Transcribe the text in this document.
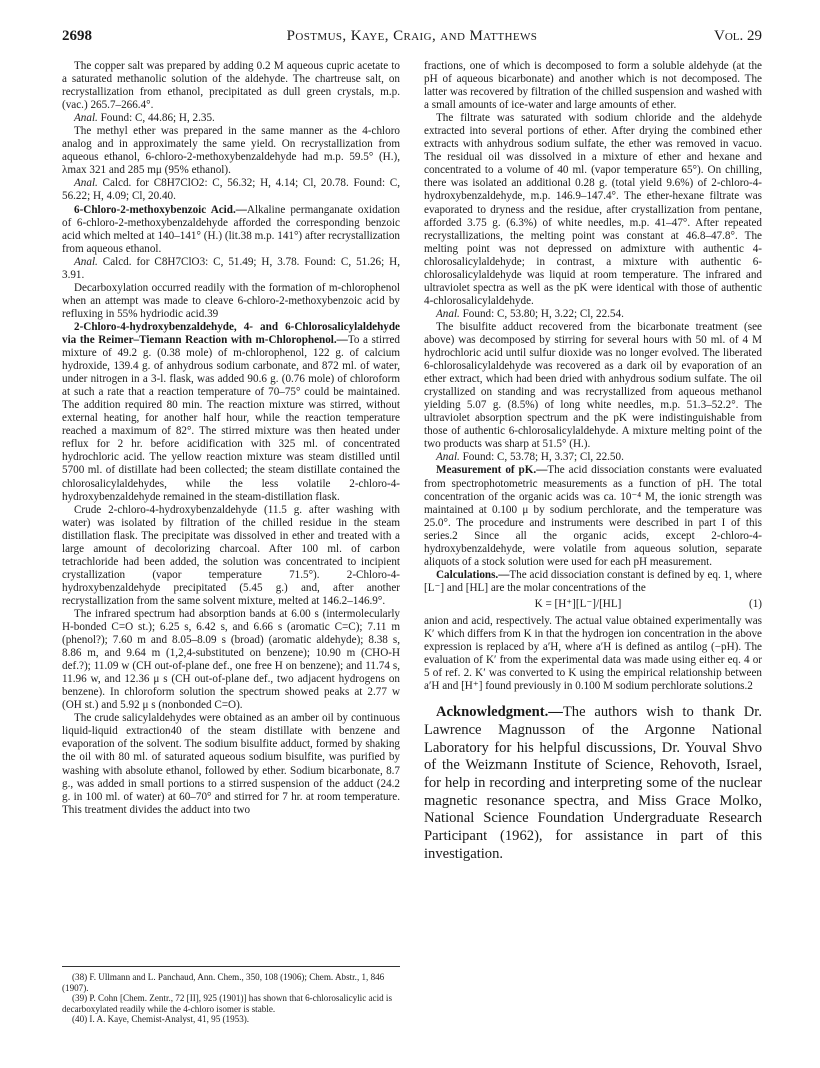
2698	Postmus, Kaye, Craig, and Matthews	Vol. 29

The copper salt was prepared by adding 0.2 M aqueous cupric acetate to a saturated methanolic solution of the aldehyde. The chartreuse salt, on recrystallization from ethanol, precipitated as dull green crystals, m.p. (vac.) 265.7–266.4°.

Anal. Found: C, 44.86; H, 2.35.

The methyl ether was prepared in the same manner as the 4-chloro analog and in approximately the same yield. On recrystallization from aqueous ethanol, 6-chloro-2-methoxybenzaldehyde had m.p. 59.5° (H.), λmax 321 and 285 mμ (95% ethanol).

Anal. Calcd. for C8H7ClO2: C, 56.32; H, 4.14; Cl, 20.78. Found: C, 56.22; H, 4.09; Cl, 20.40.

6-Chloro-2-methoxybenzoic Acid.—Alkaline permanganate oxidation of 6-chloro-2-methoxybenzaldehyde afforded the corresponding benzoic acid which melted at 140–141° (H.) (lit.38 m.p. 141°) after recrystallization from aqueous ethanol.

Anal. Calcd. for C8H7ClO3: C, 51.49; H, 3.78. Found: C, 51.26; H, 3.91.

Decarboxylation occurred readily with the formation of m-chlorophenol when an attempt was made to cleave 6-chloro-2-methoxybenzoic acid by refluxing in 55% hydriodic acid.39

2-Chloro-4-hydroxybenzaldehyde, 4- and 6-Chlorosalicylaldehyde via the Reimer–Tiemann Reaction with m-Chlorophenol.—To a stirred mixture of 49.2 g. (0.38 mole) of m-chlorophenol, 122 g. of calcium hydroxide, 139.4 g. of anhydrous sodium carbonate, and 872 ml. of water, under nitrogen in a 3-l. flask, was added 90.6 g. (0.76 mole) of chloroform at such a rate that a reaction temperature of 70–75° could be maintained. The addition required 80 min. The reaction mixture was stirred, without external heating, for another half hour, while the reaction temperature reached a maximum of 82°. The stirred mixture was then heated under reflux for 2 hr. before acidification with 325 ml. of concentrated hydrochloric acid. The yellow reaction mixture was steam distilled until 5700 ml. of distillate had been collected; the steam distillate contained the chlorosalicylaldehydes, while the less volatile 2-chloro-4-hydroxybenzaldehyde remained in the steam-distillation flask.

Crude 2-chloro-4-hydroxybenzaldehyde (11.5 g. after washing with water) was isolated by filtration of the chilled residue in the steam distillation flask. The precipitate was dissolved in ether and treated with a large amount of decolorizing charcoal. After 100 ml. of carbon tetrachloride had been added, the solution was concentrated to incipient crystallization (vapor temperature 71.5°). 2-Chloro-4-hydroxybenzaldehyde precipitated (5.45 g.) and, after another recrystallization from the same solvent mixture, melted at 146.2–146.9°.

The infrared spectrum had absorption bands at 6.00 s (intermolecularly H-bonded C=O st.); 6.25 s, 6.42 s, and 6.66 s (aromatic C=C); 7.11 m (phenol?); 7.60 m and 8.05–8.09 s (broad) (aromatic aldehyde); 8.38 s, 8.86 m, and 9.64 m (1,2,4-substituted on benzene); 10.90 m (CHO-H def.?); 11.09 w (CH out-of-plane def., one free H on benzene); and 11.74 s, 11.96 w, and 12.36 μ s (CH out-of-plane def., two adjacent hydrogens on benzene). In chloroform solution the spectrum showed peaks at 2.77 w (OH st.) and 5.92 μ s (nonbonded C=O).

The crude salicylaldehydes were obtained as an amber oil by continuous liquid-liquid extraction40 of the steam distillate with benzene and evaporation of the solvent. The sodium bisulfite adduct, formed by shaking the oil with 80 ml. of saturated aqueous sodium bisulfite, was purified by washing with absolute ethanol, followed by ether. Sodium bicarbonate, 8.7 g., was added in small portions to a stirred suspension of the adduct (24.2 g. in 100 ml. of water) at 60–70° and stirred for 7 hr. at room temperature. This treatment divides the adduct into two

(38) F. Ullmann and L. Panchaud, Ann. Chem., 350, 108 (1906); Chem. Abstr., 1, 846 (1907).

(39) P. Cohn [Chem. Zentr., 72 [II], 925 (1901)] has shown that 6-chlorosalicylic acid is decarboxylated readily while the 4-chloro isomer is stable.

(40) I. A. Kaye, Chemist-Analyst, 41, 95 (1953).

fractions, one of which is decomposed to form a soluble aldehyde (at the pH of aqueous bicarbonate) and another which is not decomposed. The latter was recovered by filtration of the chilled suspension and washed with a small amounts of ice-water and large amounts of ether.

The filtrate was saturated with sodium chloride and the aldehyde extracted into several portions of ether. After drying the combined ether extracts with anhydrous sodium sulfate, the ether was removed in vacuo. The residual oil was dissolved in a mixture of ether and hexane and concentrated to a volume of 40 ml. (vapor temperature 65°). On chilling, there was isolated an additional 0.28 g. (total yield 9.6%) of 2-chloro-4-hydroxybenzaldehyde, m.p. 146.9–147.4°. The ether-hexane filtrate was evaporated to dryness and the residue, after crystallization from pentane, afforded 3.75 g. (6.3%) of white needles, m.p. 41–47°. After repeated recrystallizations, the melting point was constant at 46.8–47.8°. The melting point was not depressed on admixture with authentic 4-chlorosalicylaldehyde; in contrast, a mixture with authentic 6-chlorosalicylaldehyde was liquid at room temperature. The infrared and ultraviolet spectra as well as the pK were identical with those of authentic 4-chlorosalicylaldehyde.

Anal. Found: C, 53.80; H, 3.22; Cl, 22.54.

The bisulfite adduct recovered from the bicarbonate treatment (see above) was decomposed by stirring for several hours with 50 ml. of 4 M hydrochloric acid until sulfur dioxide was no longer evolved. The liberated 6-chlorosalicylaldehyde was recovered as a dark oil by evaporation of an ether extract, which had been dried with anhydrous sodium sulfate. The oil crystallized on standing and was recrystallized from aqueous methanol yielding 5.07 g. (8.5%) of long white needles, m.p. 51.3–52.2°. The ultraviolet absorption spectrum and the pK were indistinguishable from those of authentic 6-chlorosalicylaldehyde. A mixture melting point of the two products was sharp at 51.5° (H.).

Anal. Found: C, 53.78; H, 3.37; Cl, 22.50.

Measurement of pK.—The acid dissociation constants were evaluated from spectrophotometric measurements as a function of pH. The total concentration of the organic acids was ca. 10⁻⁴ M, the ionic strength was maintained at 0.100 μ by sodium perchlorate, and the temperature was 25.0°. The procedure and instruments were described in part I of this series.2 Since all the organic acids, except 2-chloro-4-hydroxybenzaldehyde, were volatile from aqueous solution, separate aliquots of a stock solution were used for each pH measurement.

Calculations.—The acid dissociation constant is defined by eq. 1, where [L⁻] and [HL] are the molar concentrations of the

K = [H⁺][L⁻]/[HL]	(1)

anion and acid, respectively. The actual value obtained experimentally was K′ which differs from K in that the hydrogen ion concentration in the above expression is replaced by a′H, where a′H is defined as antilog (−pH). The evaluation of K′ from the experimental data was made using either eq. 4 or 5 of ref. 2. K′ was converted to K using the empirical relationship between a′H and [H⁺] found previously in 0.100 M sodium perchlorate solutions.2

Acknowledgment.—The authors wish to thank Dr. Lawrence Magnusson of the Argonne National Laboratory for his helpful discussions, Dr. Youval Shvo of the Weizmann Institute of Science, Rehovoth, Israel, for help in recording and interpreting some of the nuclear magnetic resonance spectra, and Miss Grace Molko, National Science Foundation Undergraduate Research Participant (1962), for assistance in part of this investigation.
